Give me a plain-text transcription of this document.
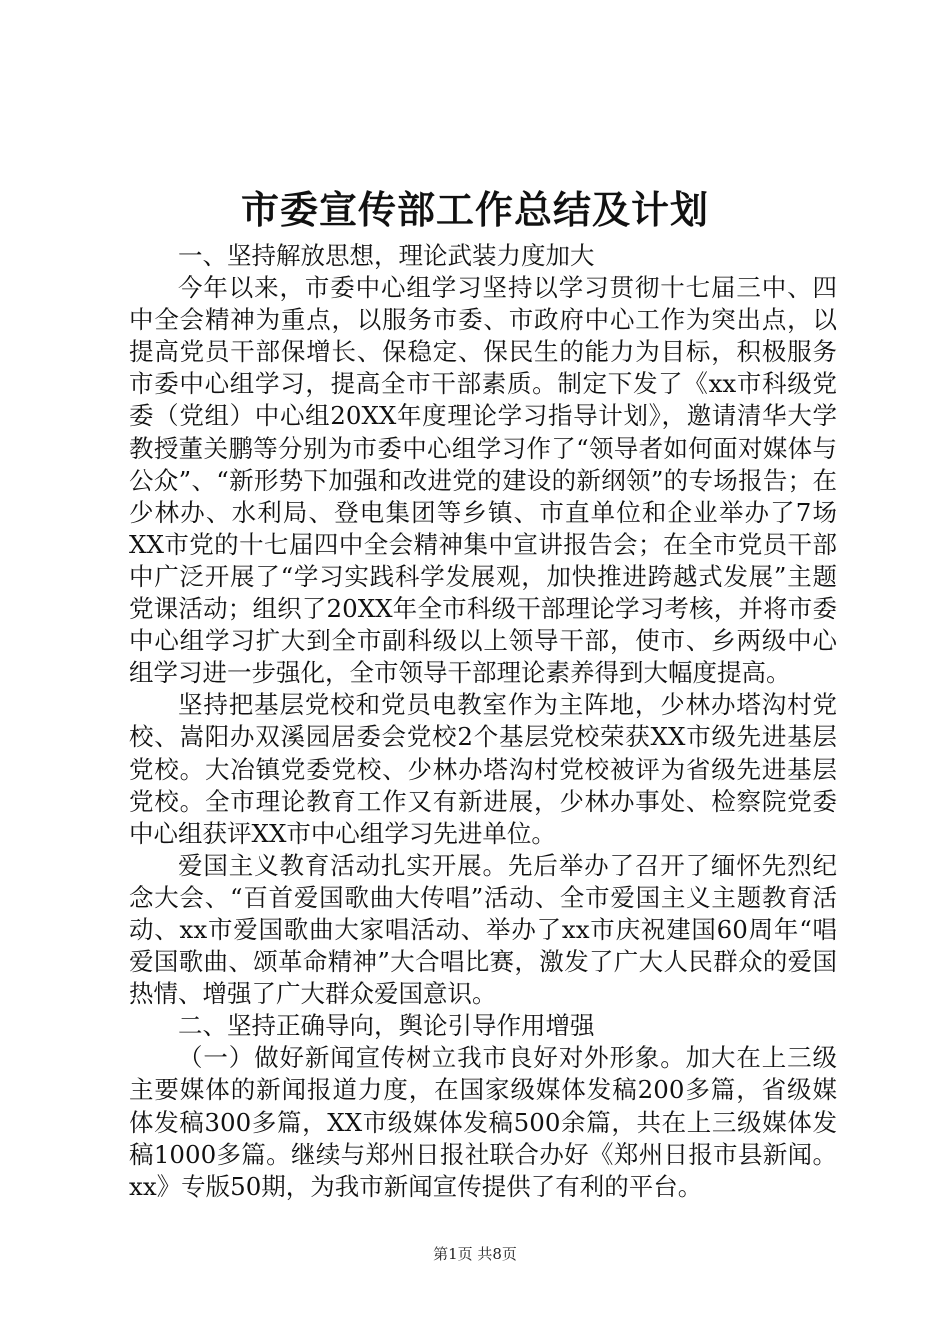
市委宣传部工作总结及计划

一、坚持解放思想，理论武装力度加大

今年以来，市委中心组学习坚持以学习贯彻十七届三中、四中全会精神为重点，以服务市委、市政府中心工作为突出点，以提高党员干部保增长、保稳定、保民生的能力为目标，积极服务市委中心组学习，提高全市干部素质。制定下发了《xx市科级党委（党组）中心组20XX年度理论学习指导计划》，邀请清华大学教授董关鹏等分别为市委中心组学习作了“领导者如何面对媒体与公众”、“新形势下加强和改进党的建设的新纲领”的专场报告；在少林办、水利局、登电集团等乡镇、市直单位和企业举办了7场XX市党的十七届四中全会精神集中宣讲报告会；在全市党员干部中广泛开展了“学习实践科学发展观，加快推进跨越式发展”主题党课活动；组织了20XX年全市科级干部理论学习考核，并将市委中心组学习扩大到全市副科级以上领导干部，使市、乡两级中心组学习进一步强化，全市领导干部理论素养得到大幅度提高。

坚持把基层党校和党员电教室作为主阵地，少林办塔沟村党校、嵩阳办双溪园居委会党校2个基层党校荣获XX市级先进基层党校。大冶镇党委党校、少林办塔沟村党校被评为省级先进基层党校。全市理论教育工作又有新进展，少林办事处、检察院党委中心组获评XX市中心组学习先进单位。

爱国主义教育活动扎实开展。先后举办了召开了缅怀先烈纪念大会、“百首爱国歌曲大传唱”活动、全市爱国主义主题教育活动、xx市爱国歌曲大家唱活动、举办了xx市庆祝建国60周年“唱爱国歌曲、颂革命精神”大合唱比赛，激发了广大人民群众的爱国热情、增强了广大群众爱国意识。

二、坚持正确导向，舆论引导作用增强

（一）做好新闻宣传树立我市良好对外形象。加大在上三级主要媒体的新闻报道力度，在国家级媒体发稿200多篇，省级媒体发稿300多篇，XX市级媒体发稿500余篇，共在上三级媒体发稿1000多篇。继续与郑州日报社联合办好《郑州日报市县新闻。xx》专版50期，为我市新闻宣传提供了有利的平台。

第1页 共8页
